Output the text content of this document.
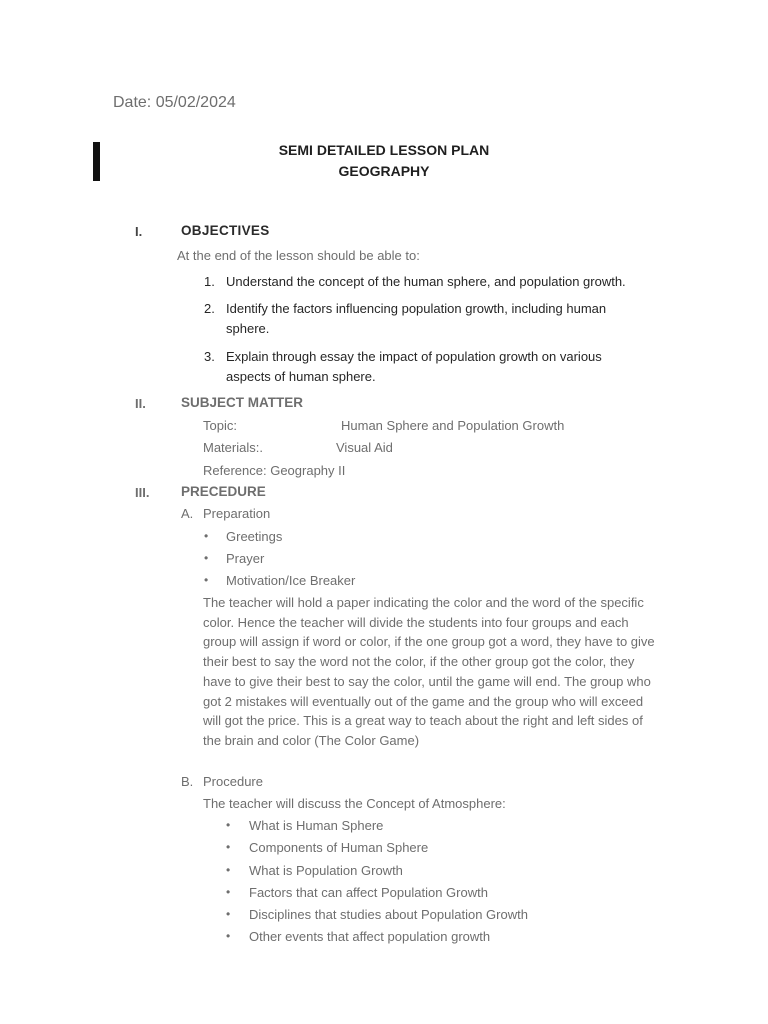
Date: 05/02/2024
SEMI DETAILED LESSON PLAN
GEOGRAPHY
I.	OBJECTIVES
At the end of the lesson should be able to:
1. Understand the concept of the human sphere, and population growth.
2. Identify the factors influencing population growth, including human sphere.
3. Explain through essay the impact of population growth on various aspects of human sphere.
II.	SUBJECT MATTER
Topic:	Human Sphere and Population Growth
Materials:.	Visual Aid
Reference: Geography II
III. PRECEDURE
A. Preparation
• Greetings
• Prayer
• Motivation/Ice Breaker
The teacher will hold a paper indicating the color and the word of the specific color. Hence the teacher will divide the students into four groups and each group will assign if word or color, if the one group got a word, they have to give their best to say the word not the color, if the other group got the color, they have to give their best to say the color, until the game will end. The group who got 2 mistakes will eventually out of the game and the group who will exceed will got the price. This is a great way to teach about the right and left sides of the brain and color (The Color Game)
B. Procedure
The teacher will discuss the Concept of Atmosphere:
• What is Human Sphere
• Components of Human Sphere
• What is Population Growth
• Factors that can affect Population Growth
• Disciplines that studies about Population Growth
• Other events that affect population growth
